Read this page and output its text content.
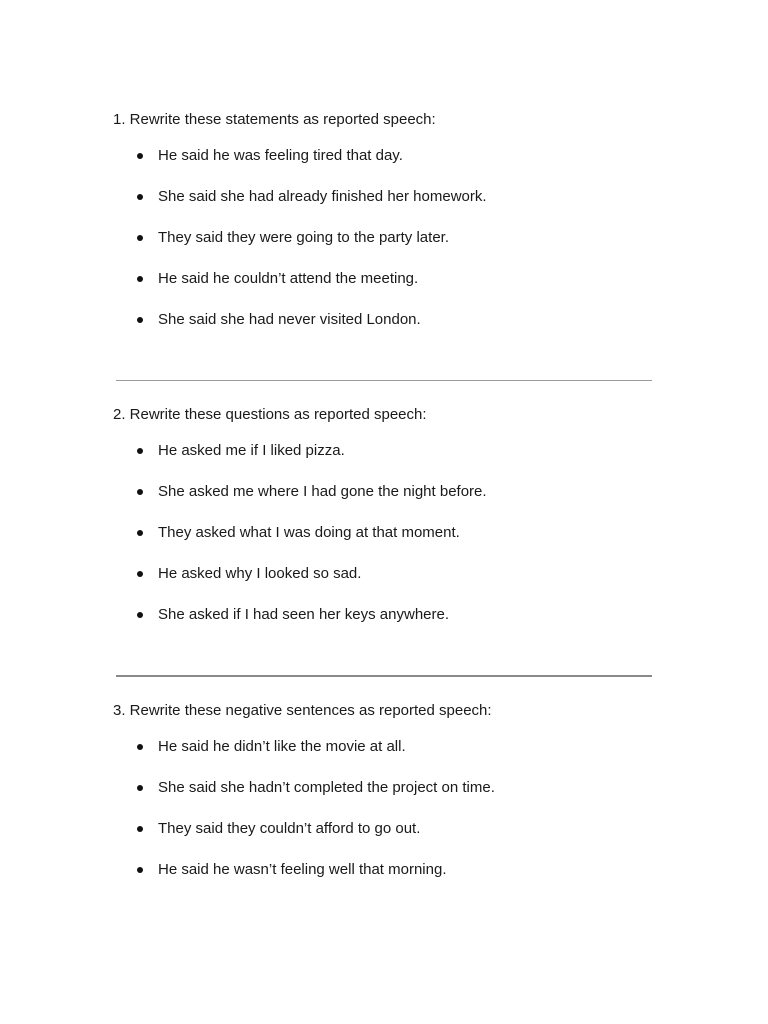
1. Rewrite these statements as reported speech:

He said he was feeling tired that day.
She said she had already finished her homework.
They said they were going to the party later.
He said he couldn’t attend the meeting.
She said she had never visited London.

2. Rewrite these questions as reported speech:

He asked me if I liked pizza.
She asked me where I had gone the night before.
They asked what I was doing at that moment.
He asked why I looked so sad.
She asked if I had seen her keys anywhere.

3. Rewrite these negative sentences as reported speech:

He said he didn’t like the movie at all.
She said she hadn’t completed the project on time.
They said they couldn’t afford to go out.
He said he wasn’t feeling well that morning.
